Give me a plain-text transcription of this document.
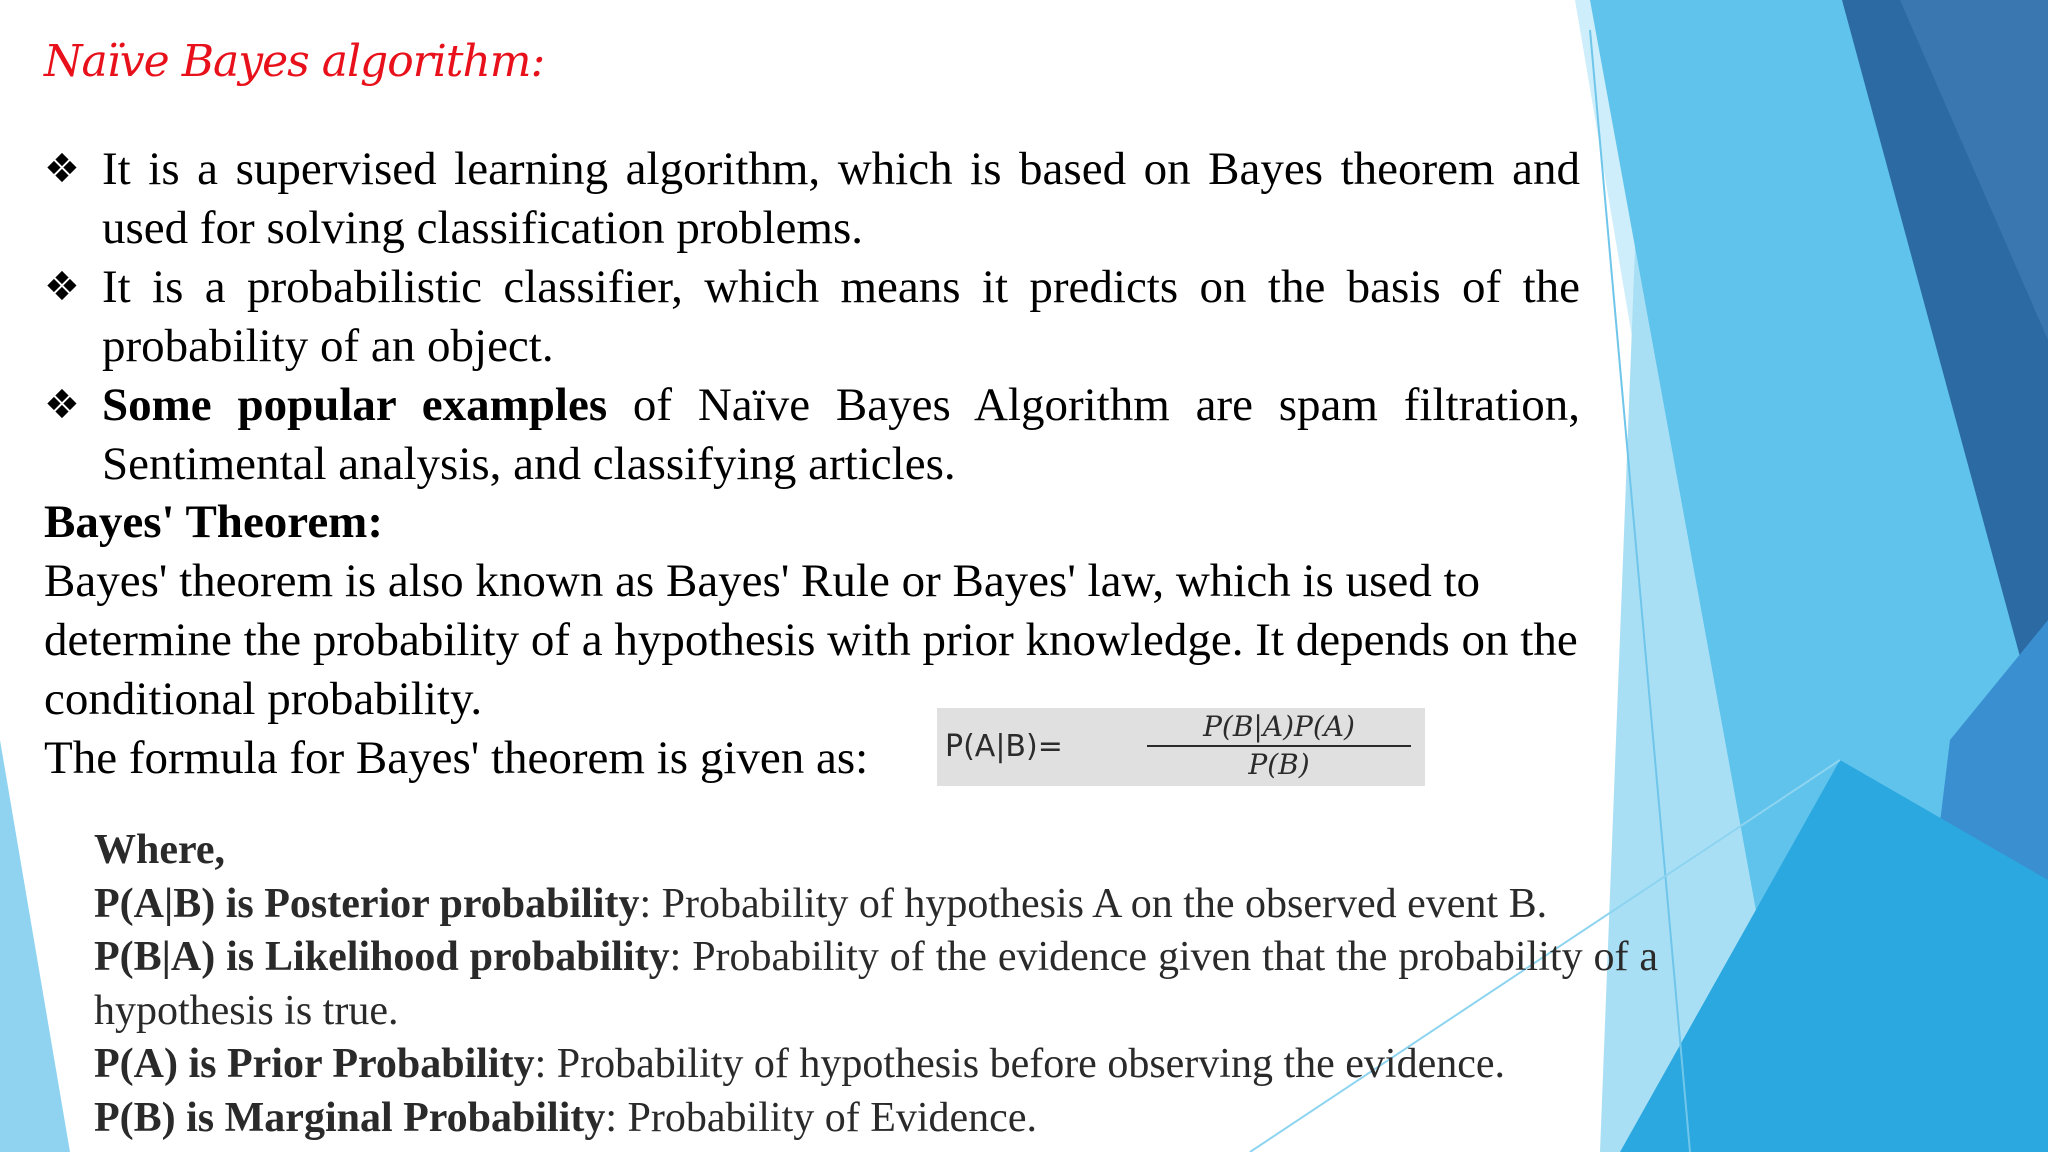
Naïve Bayes algorithm:
❖ It is a supervised learning algorithm, which is based on Bayes theorem and used for solving classification problems.
❖ It is a probabilistic classifier, which means it predicts on the basis of the probability of an object.
❖ Some popular examples of Naïve Bayes Algorithm are spam filtration, Sentimental analysis, and classifying articles.
Bayes' Theorem:

Bayes' theorem is also known as Bayes' Rule or Bayes' law, which is used to determine the probability of a hypothesis with prior knowledge. It depends on the conditional probability.

The formula for Bayes' theorem is given as:	P(A|B)=
P(B|A)P(A)
P(B)

Where,

P(A|B) is Posterior probability: Probability of hypothesis A on the observed event B.

P(B|A) is Likelihood probability: Probability of the evidence given that the probability of a hypothesis is true.

P(A) is Prior Probability: Probability of hypothesis before observing the evidence.

P(B) is Marginal Probability: Probability of Evidence.
